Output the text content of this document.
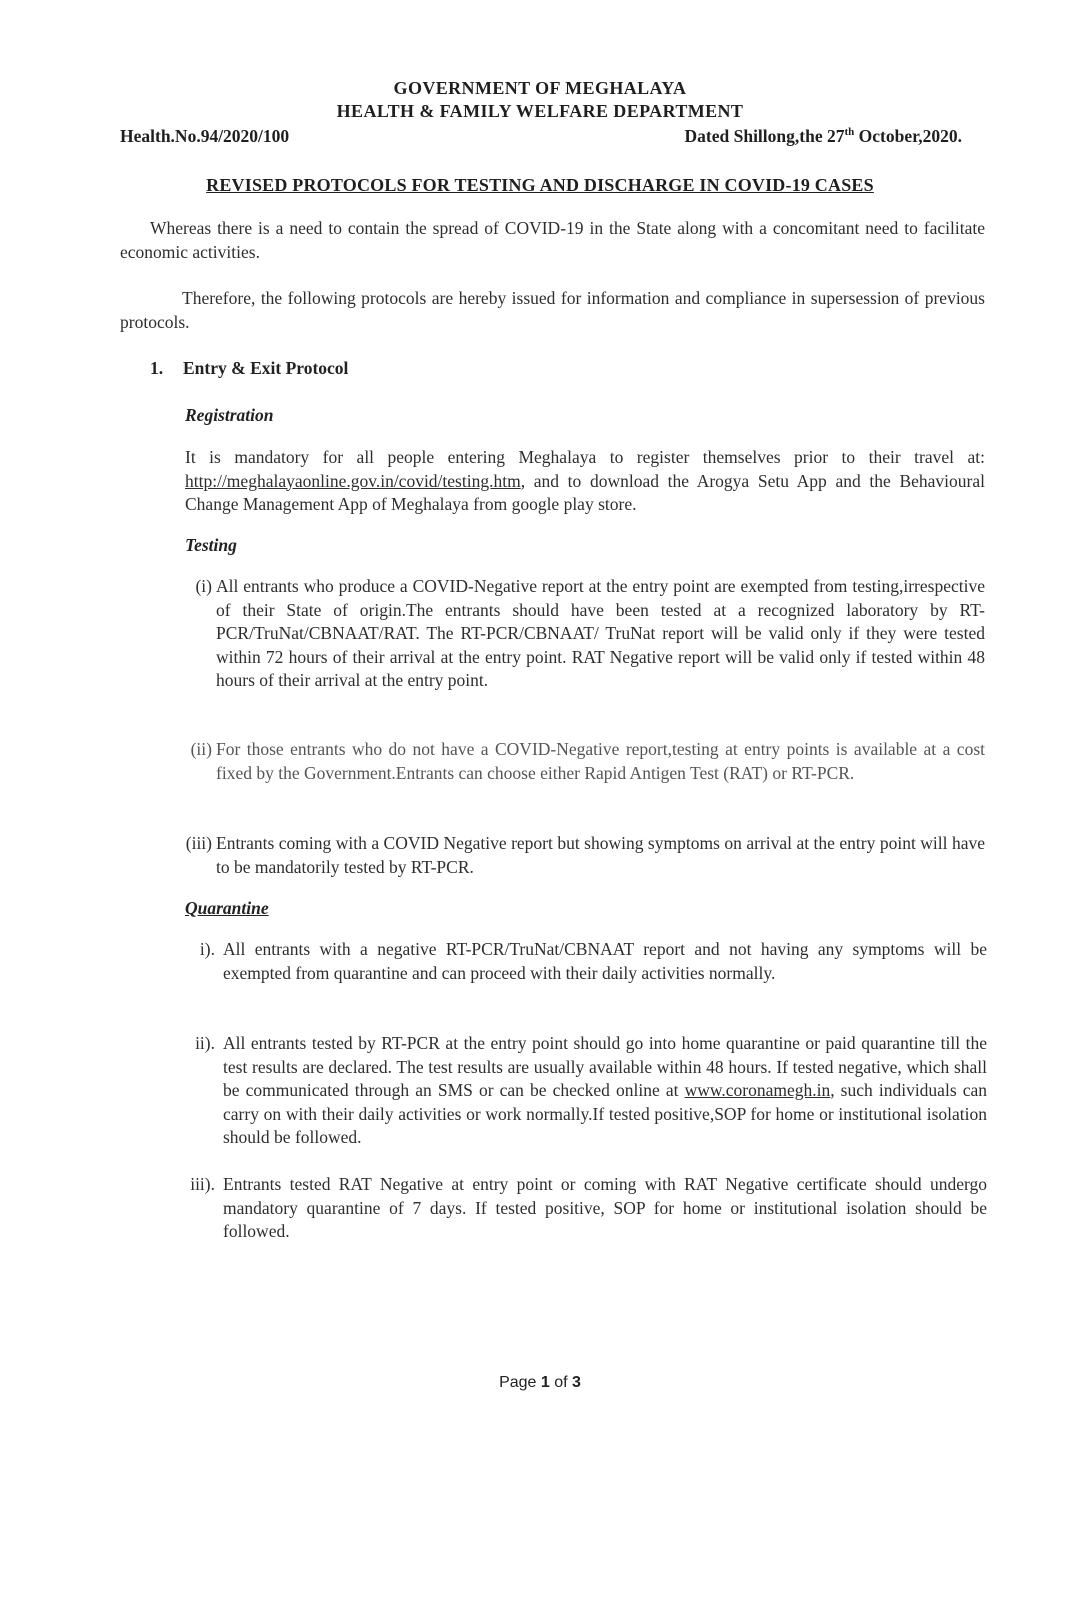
GOVERNMENT OF MEGHALAYA
HEALTH & FAMILY WELFARE DEPARTMENT
Health.No.94/2020/100	Dated Shillong,the 27th October,2020.
REVISED PROTOCOLS FOR TESTING AND DISCHARGE IN COVID-19 CASES
Whereas there is a need to contain the spread of COVID-19 in the State along with a concomitant need to facilitate economic activities.
Therefore, the following protocols are hereby issued for information and compliance in supersession of previous protocols.
1. Entry & Exit Protocol
Registration
It is mandatory for all people entering Meghalaya to register themselves prior to their travel at: http://meghalayaonline.gov.in/covid/testing.htm, and to download the Arogya Setu App and the Behavioural Change Management App of Meghalaya from google play store.
Testing
(i) All entrants who produce a COVID-Negative report at the entry point are exempted from testing,irrespective of their State of origin.The entrants should have been tested at a recognized laboratory by RT-PCR/TruNat/CBNAAT/RAT. The RT-PCR/CBNAAT/ TruNat report will be valid only if they were tested within 72 hours of their arrival at the entry point. RAT Negative report will be valid only if tested within 48 hours of their arrival at the entry point.
(ii) For those entrants who do not have a COVID-Negative report,testing at entry points is available at a cost fixed by the Government.Entrants can choose either Rapid Antigen Test (RAT) or RT-PCR.
(iii) Entrants coming with a COVID Negative report but showing symptoms on arrival at the entry point will have to be mandatorily tested by RT-PCR.
Quarantine
i). All entrants with a negative RT-PCR/TruNat/CBNAAT report and not having any symptoms will be exempted from quarantine and can proceed with their daily activities normally.
ii). All entrants tested by RT-PCR at the entry point should go into home quarantine or paid quarantine till the test results are declared. The test results are usually available within 48 hours. If tested negative, which shall be communicated through an SMS or can be checked online at www.coronamegh.in, such individuals can carry on with their daily activities or work normally.If tested positive,SOP for home or institutional isolation should be followed.
iii). Entrants tested RAT Negative at entry point or coming with RAT Negative certificate should undergo mandatory quarantine of 7 days. If tested positive, SOP for home or institutional isolation should be followed.
Page 1 of 3
